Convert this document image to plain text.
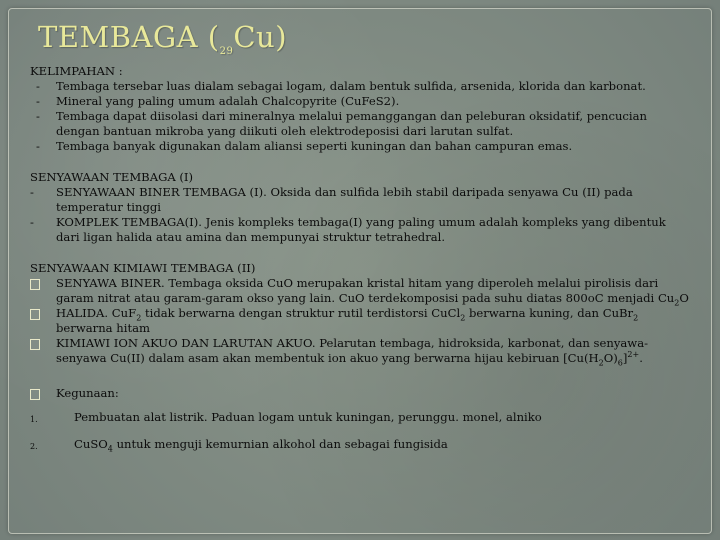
TEMBAGA $(_{29}Cu)$

KELIMPAHAN :

- Tembaga tersebar luas dialam sebagai logam, dalam bentuk sulfida, arsenida, klorida dan karbonat.
- Mineral yang paling umum adalah Chalcopyrite (CuFeS2).
- Tembaga dapat diisolasi dari mineralnya melalui pemanggangan dan peleburan oksidatif, pencucian dengan bantuan mikroba yang diikuti oleh elektrodeposisi dari larutan sulfat.
- Tembaga banyak digunakan dalam aliansi seperti kuningan dan bahan campuran emas.

SENYAWAAN TEMBAGA (I)

- SENYAWAAN BINER TEMBAGA (I). Oksida dan sulfida lebih stabil daripada senyawa Cu (II) pada temperatur tinggi
- KOMPLEK TEMBAGA(I). Jenis kompleks tembaga(I) yang paling umum adalah kompleks yang dibentuk dari ligan halida atau amina dan mempunyai struktur tetrahedral.

SENYAWAAN KIMIAWI TEMBAGA (II)

SENYAWA BINER. Tembaga oksida CuO merupakan kristal hitam yang diperoleh melalui pirolisis dari garam nitrat atau garam-garam okso yang lain. CuO terdekomposisi pada suhu diatas 800oC menjadi $Cu_2O$
HALIDA. CuF$_2$ tidak berwarna dengan struktur rutil terdistorsi CuCl$_2$ berwarna kuning, dan CuBr$_2$ berwarna hitam
KIMIAWI ION AKUO DAN LARUTAN AKUO. Pelarutan tembaga, hidroksida, karbonat, dan senyawa-senyawa Cu(II) dalam asam akan membentuk ion akuo yang berwarna hijau kebiruan $[Cu(H_2O)_6]^{2+}$.
Kegunaan:
1.	Pembuatan alat listrik. Paduan logam untuk kuningan, perunggu. monel, alniko
2.	CuSO$_4$ untuk menguji kemurnian alkohol dan sebagai fungisida
